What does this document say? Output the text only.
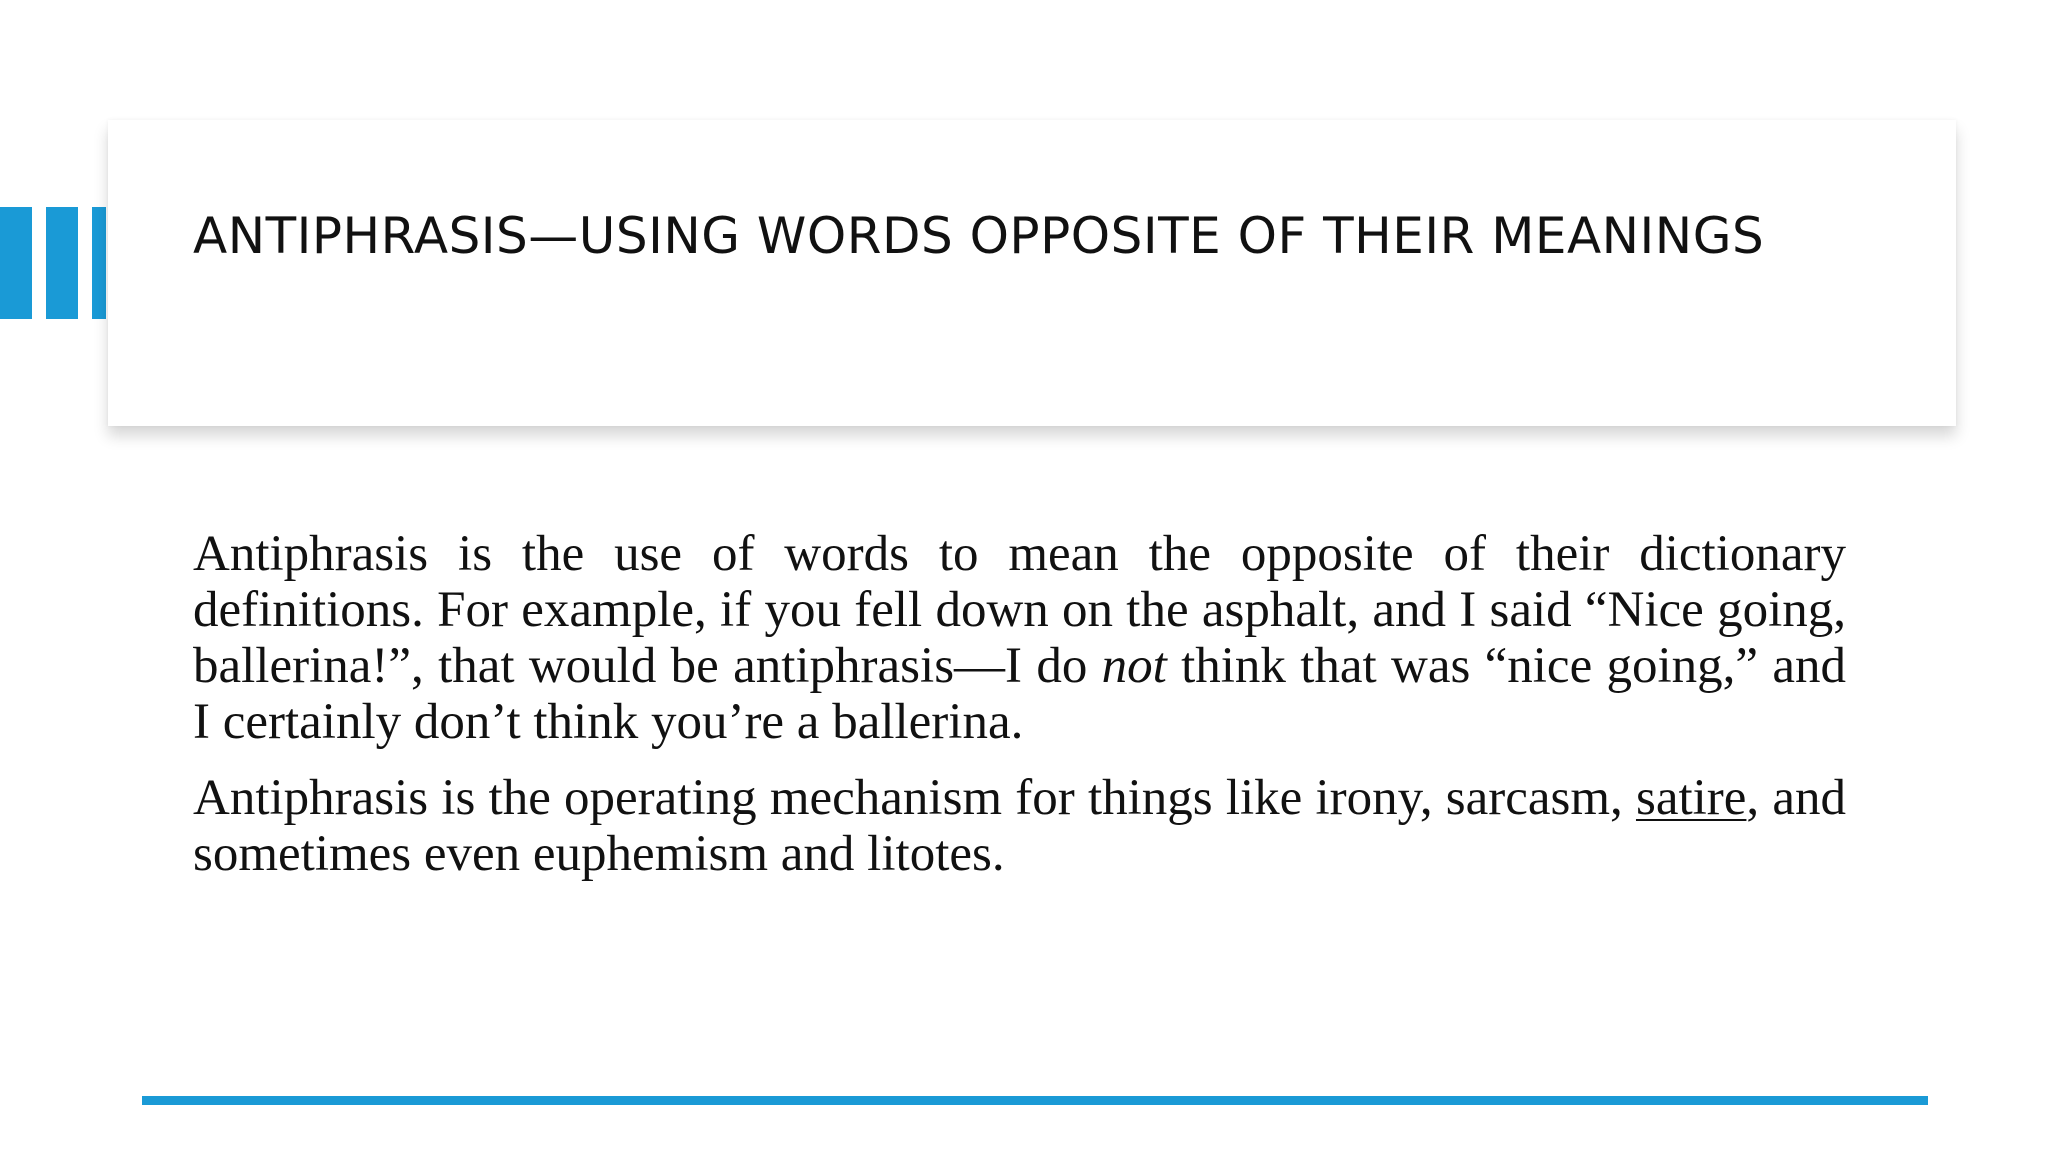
ANTIPHRASIS—USING WORDS OPPOSITE OF THEIR MEANINGS

Antiphrasis is the use of words to mean the opposite of their dictionary definitions. For example, if you fell down on the asphalt, and I said “Nice going, ballerina!”, that would be antiphrasis—I do not think that was “nice going,” and I certainly don’t think you’re a ballerina.

Antiphrasis is the operating mechanism for things like irony, sarcasm, satire, and sometimes even euphemism and litotes.
